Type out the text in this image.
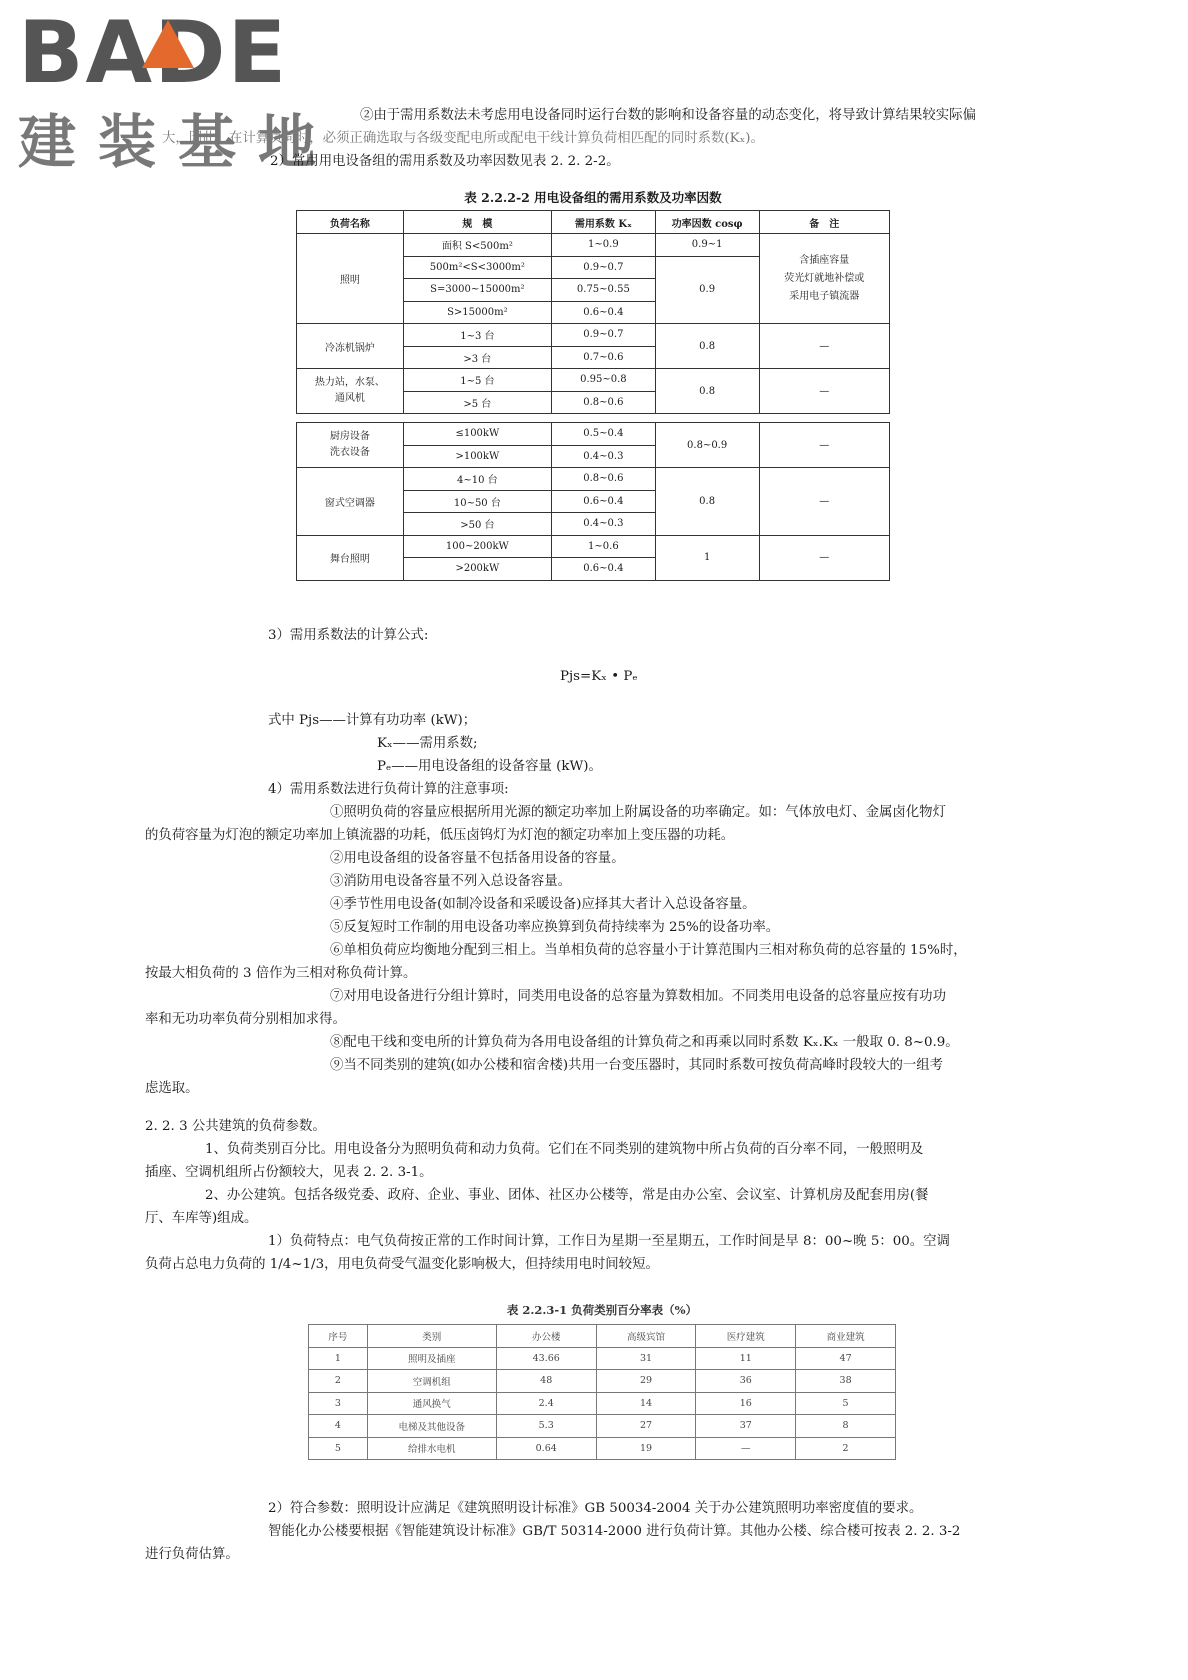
BADE
建装基地 ②由于需用系数法未考虑用电设备同时运行台数的影响和设备容量的动态变化，将导致计算结果较实际偏
大，因此，在计算负荷时，必须正确选取与各级变配电所或配电干线计算负荷相匹配的同时系数(Kₓ)。
2）常用用电设备组的需用系数及功率因数见表 2. 2. 2-2。
表 2.2.2-2 用电设备组的需用系数及功率因数
负荷名称	规　模	需用系数 Kₓ	功率因数 cosφ	备　注
照明	面积 S<500m²	1~0.9	0.9~1	含插座容量
荧光灯就地补偿或
采用电子镇流器

	500m²<S<3000m²	0.9~0.7	0.9	
	S=3000~15000m²	0.75~0.55		
	S>15000m²	0.6~0.4		
冷冻机锅炉	1~3 台	0.9~0.7	0.8	—
	>3 台	0.7~0.6		

热力站，水泵、
通风机	1~5 台	0.95~0.8	0.8	—
	>5 台	0.8~0.6		

厨房设备
洗衣设备	≤100kW	0.5~0.4	0.8~0.9	—
	>100kW	0.4~0.3		
窗式空调器	4~10 台	0.8~0.6	0.8	—
	10~50 台	0.6~0.4		
	>50 台	0.4~0.3		
舞台照明	100~200kW	1~0.6	1	—
	>200kW	0.6~0.4		
3）需用系数法的计算公式:
Pjs=Kₓ • Pₑ
式中 Pjs——计算有功功率 (kW)；
Kₓ——需用系数;
Pₑ——用电设备组的设备容量 (kW)。
4）需用系数法进行负荷计算的注意事项:
①照明负荷的容量应根据所用光源的额定功率加上附属设备的功率确定。如：气体放电灯、金属卤化物灯
的负荷容量为灯泡的额定功率加上镇流器的功耗，低压卤钨灯为灯泡的额定功率加上变压器的功耗。
②用电设备组的设备容量不包括备用设备的容量。
③消防用电设备容量不列入总设备容量。
④季节性用电设备(如制冷设备和采暖设备)应择其大者计入总设备容量。
⑤反复短时工作制的用电设备功率应换算到负荷持续率为 25%的设备功率。
⑥单相负荷应均衡地分配到三相上。当单相负荷的总容量小于计算范围内三相对称负荷的总容量的 15%时，
按最大相负荷的 3 倍作为三相对称负荷计算。
⑦对用电设备进行分组计算时，同类用电设备的总容量为算数相加。不同类用电设备的总容量应按有功功
率和无功功率负荷分别相加求得。
⑧配电干线和变电所的计算负荷为各用电设备组的计算负荷之和再乘以同时系数 Kₓ.Kₓ 一般取 0. 8~0.9。
⑨当不同类别的建筑(如办公楼和宿舍楼)共用一台变压器时，其同时系数可按负荷高峰时段较大的一组考
虑选取。
2. 2. 3 公共建筑的负荷参数。
1、负荷类别百分比。用电设备分为照明负荷和动力负荷。它们在不同类别的建筑物中所占负荷的百分率不同，一般照明及
插座、空调机组所占份额较大，见表 2. 2. 3-1。
2、办公建筑。包括各级党委、政府、企业、事业、团体、社区办公楼等，常是由办公室、会议室、计算机房及配套用房(餐
厅、车库等)组成。
1）负荷特点：电气负荷按正常的工作时间计算，工作日为星期一至星期五，工作时间是早 8：00~晚 5：00。空调
负荷占总电力负荷的 1/4~1/3，用电负荷受气温变化影响极大，但持续用电时间较短。
表 2.2.3-1 负荷类别百分率表（%）
序号	类别	办公楼	高级宾馆	医疗建筑	商业建筑
1	照明及插座	43.66	31	11	47
2	空调机组	48	29	36	38
3	通风换气	2.4	14	16	5
4	电梯及其他设备	5.3	27	37	8
5	给排水电机	0.64	19	—	2
2）符合参数：照明设计应满足《建筑照明设计标准》GB 50034-2004 关于办公建筑照明功率密度值的要求。
智能化办公楼要根据《智能建筑设计标准》GB/T 50314-2000 进行负荷计算。其他办公楼、综合楼可按表 2. 2. 3-2
进行负荷估算。
